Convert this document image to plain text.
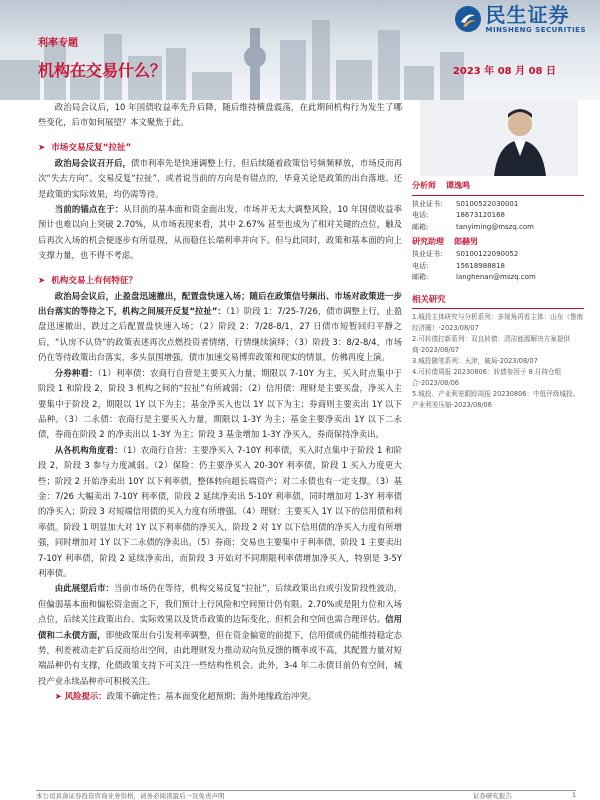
民生证券
MINSHENG SECURITIES
利率专题
机构在交易什么？	2023 年 08 月 08 日

政治局会议后，10 年国债收益率先升后降，随后维持横盘震荡，在此期间机构行为发生了哪些变化，后市如何展望？本文聚焦于此。

➤ 市场交易反复“拉扯”

政治局会议召开后，债市利率先是快速调整上行，但后续随着政策信号频频释放，市场反而再次“失去方向”。交易反复“拉扯”，或者说当前的方向是有错点的，毕竟关论是政策的出台落地、还是政策的实际效果，均仍需等待。

当前的锚点在于：从目前的基本面和资金面出发，市场并无太大调整风险，10 年国债收益率预计也难以向上突破 2.70%，从市场表现来看，其中 2.67% 甚至也成为了相对关键的点位，触及后再次入场的机会便逐步有所显现，从而稳住长端利率并向下。但与此同时，政策和基本面的向上支撑力量，也不得不考虑。

➤ 机构交易上有何特征？

政治局会议后，止盈盘迅速撤出，配置盘快速入场；随后在政策信号频出、市场对政策进一步出台落实的等待之下，机构之间展开反复“拉扯”：（1）阶段 1：7/25-7/26，债市调整上行，止盈盘迅速撤出，跌过之后配置盘快速入场；（2）阶段 2：7/28-8/1，27 日债市短暂回归平静之后，“认房不认贷”的政策表述再次点燃投资者情绪，行情继续演绎；（3）阶段 3：8/2-8/4，市场仍在等待政策出台落实，多头氛围增强，债市加速交易博弈政策和现实的情景，仿佛再度上演。

分券种看：（1）利率债：农商行自营是主要买入力量，期限以 7-10Y 为主，买入时点集中于阶段 1 和阶段 2，阶段 3 机构之间的“拉扯”有所减弱；（2）信用债：理财是主要买盘，净买入主要集中于阶段 2，期限以 1Y 以下为主；基金净买入也以 1Y 以下为主；券商则主要卖出 1Y 以下品种。（3）二永债：农商行是主要买入力量，期限以 1-3Y 为主；基金主要净卖出 1Y 以下二永债，券商在阶段 2 的净卖出以 1-3Y 为主；阶段 3 基金增加 1-3Y 净买入，券商保持净卖出。

从各机构角度看：（1）农商行自营：主要净买入 7-10Y 利率债，买入时点集中于阶段 1 和阶段 2，阶段 3 参与力度减弱。（2）保险：仍主要净买入 20-30Y 利率债，阶段 1 买入力度更大些；阶段 2 开始净卖出 10Y 以下利率债，整体转向超长端资产；对二永债也有一定支撑。（3）基金：7/26 大幅卖出 7-10Y 利率债，阶段 2 延续净卖出 5-10Y 利率债，同时增加对 1-3Y 利率债的净买入；阶段 3 对短端信用债的买入力度有所增强。（4）理财：主要买入 1Y 以下的信用债和利率债。阶段 1 明显加大对 1Y 以下利率债的净买入，阶段 2 对 1Y 以下信用债的净买入力度有所增强，同时增加对 1Y 以下二永债的净卖出。（5）券商：交易也主要集中于利率债，阶段 1 主要卖出 7-10Y 利率债，阶段 2 延续净卖出，而阶段 3 开始对不同期限利率债增加净买入，特别是 3-5Y 利率债。

由此展望后市：当前市场仍在等待，机构交易反复“拉扯”，后续政策出台或引发阶段性波动，但偏弱基本面和偏松资金面之下，我们预计上行风险和空间预计仍有限。2.70%或是阻力位和入场点位，后续关注政策出台、实际效果以及货币政策的边际变化，但机会和空间也需合理评估。信用债和二永债方面，即使政策出台引发利率调整，但在资金偏宽的前提下，信用债或仍能维持稳定态势，利差被动走扩后反而给出空间，由此理财发力推动双向负反馈的概率或不高，其配置力量对短端品种仍有支撑，化债政策支持下可关注一些结构性机会。此外，3-4 年二永债目前仍有空间，城投产业永续品种亦可积极关注。

➤ 风险提示：政策不确定性；基本面变化超预期；海外地缘政治冲突。

分析师 谭逸鸣
执业证书:	S0100522030001
电话:	18673120168
邮箱:	tanyiming@mszq.com
研究助理 郎赫男
执业证书:	S0100122090052
电话:	15618988818
邮箱:	langhenan@mszq.com
相关研究
1.城投主体研究与分析系列：多视角再看主体：山东（鲁南经济圈）-2023/08/07
2.可转债打新系列：双良转债：清洁能源解决方案提供商-2023/08/07
3.城投随笔系列：天津，破局-2023/08/07
4.可转债周报 20230806：转债参因子 8 月持仓组合-2023/08/06
5.城投、产业利差跟踪周报 20230806：中低评级城投、产业利差压缩-2023/08/06
本公司具备证券投资咨询业务资格，请务必阅读最后一页免责声明	证券研究报告	1
